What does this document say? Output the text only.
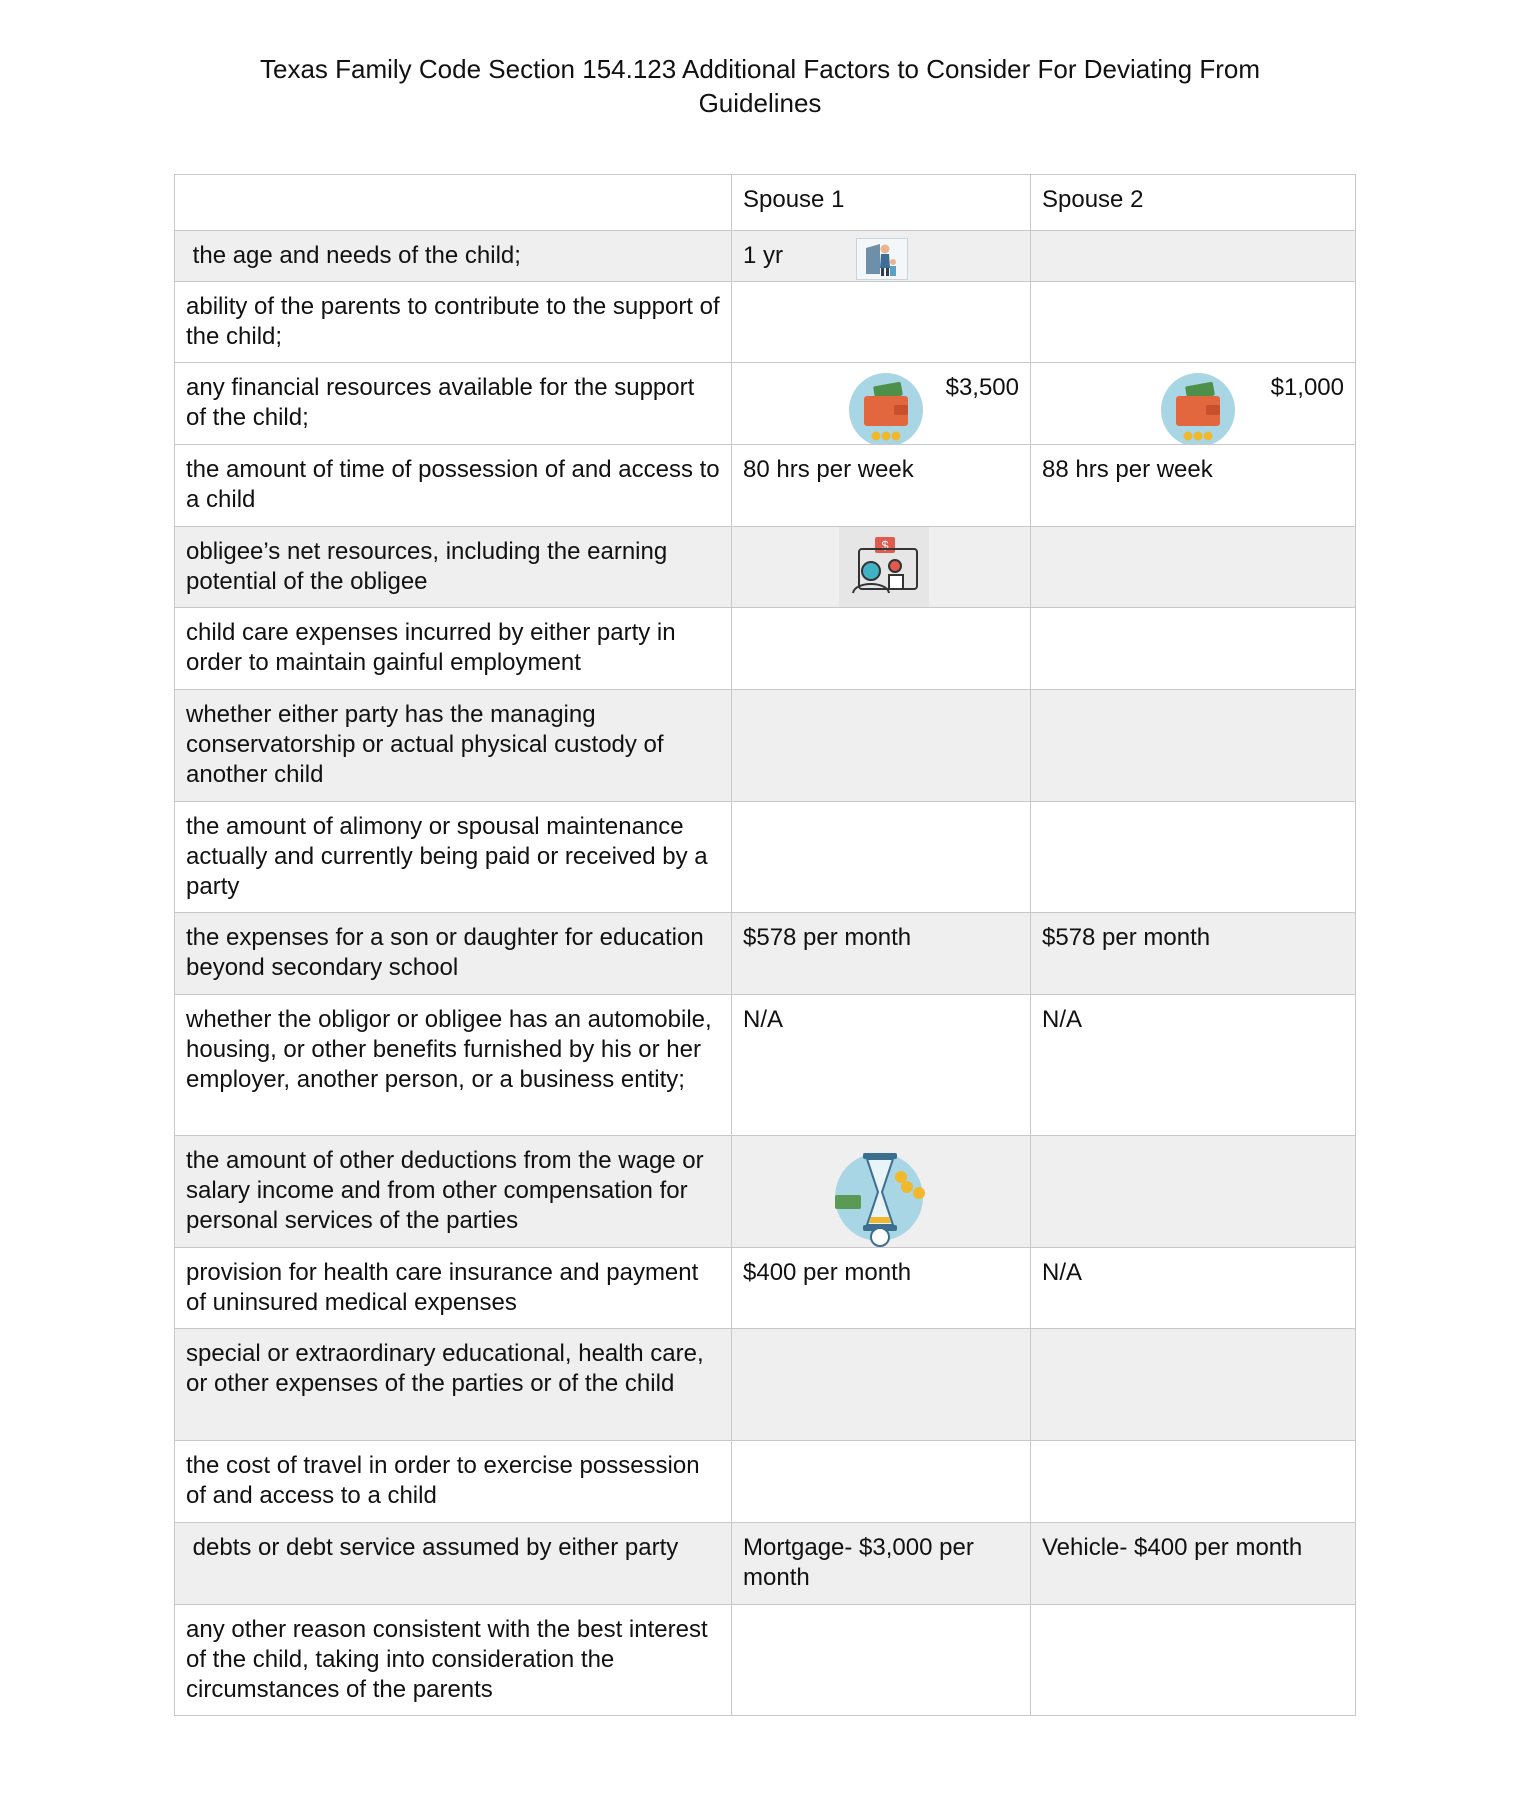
Texas Family Code Section 154.123 Additional Factors to Consider For Deviating From
Guidelines
	Spouse 1	Spouse 2
the age and needs of the child;	1 yr	

ability of the parents to contribute to the support of the child;		
any financial resources available for the support of the child;	$3,500	$1,000

the amount of time of possession of and access to a child	80 hrs per week	88 hrs per week
obligee’s net resources, including the earning potential of the obligee	$	

child care expenses incurred by either party in order to maintain gainful employment		
whether either party has the managing conservatorship or actual physical custody of another child		
the amount of alimony or spousal maintenance actually and currently being paid or received by a party		
the expenses for a son or daughter for education beyond secondary school	$578 per month	$578 per month
whether the obligor or obligee has an automobile, housing, or other benefits furnished by his or her employer, another person, or a business entity;	N/A	N/A
the amount of other deductions from the wage or salary income and from other compensation for personal services of the parties	

provision for health care insurance and payment of uninsured medical expenses	$400 per month	N/A
special or extraordinary educational, health care, or other expenses of the parties or of the child		
the cost of travel in order to exercise possession of and access to a child		
debts or debt service assumed by either party	Mortgage- $3,000 per month	Vehicle- $400 per month
any other reason consistent with the best interest of the child, taking into consideration the circumstances of the parents		
